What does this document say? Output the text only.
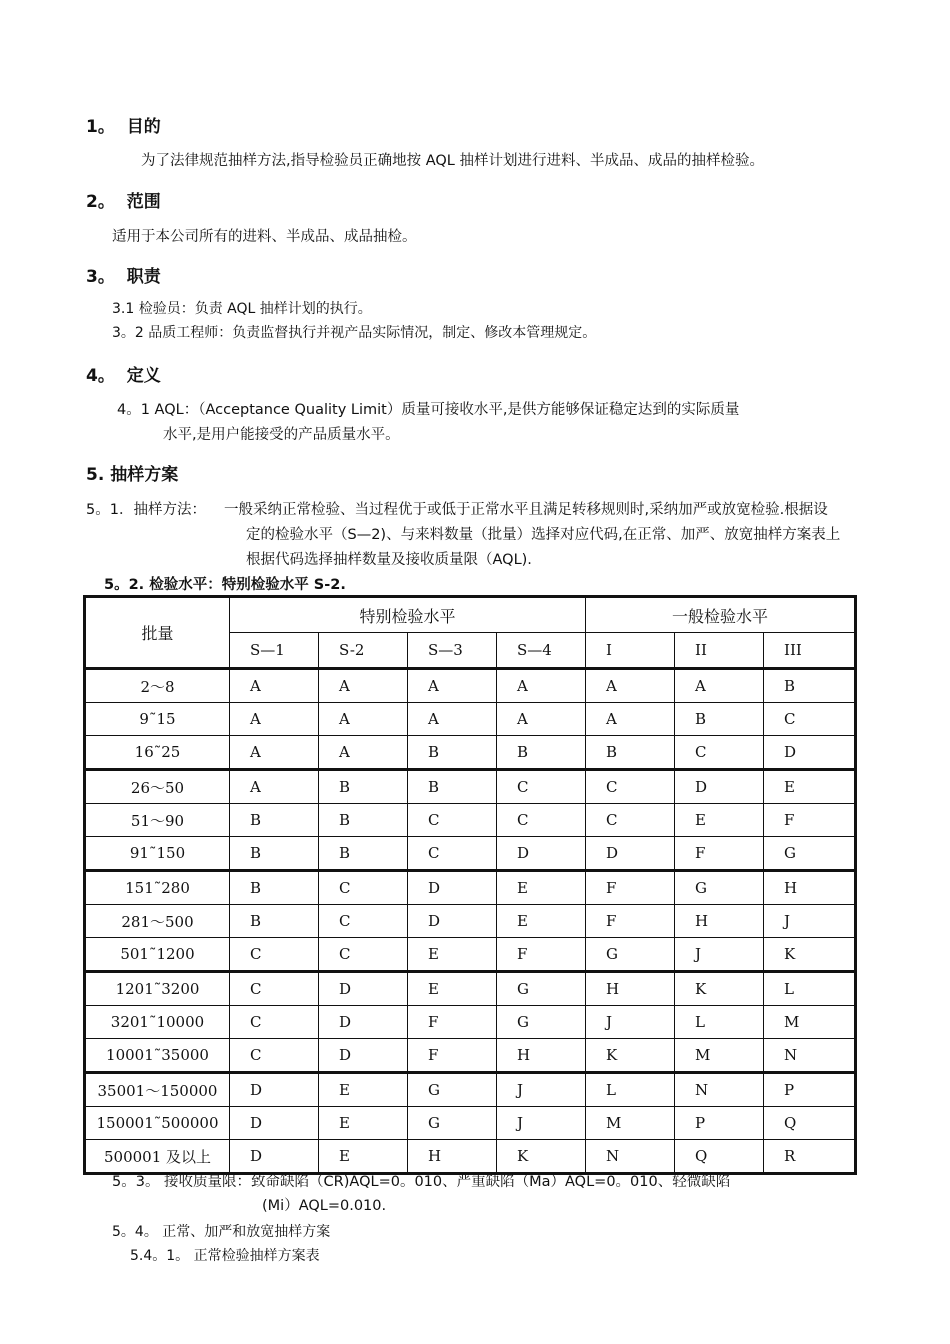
1。 目的
为了法律规范抽样方法,指导检验员正确地按 AQL 抽样计划进行进料、半成品、成品的抽样检验。
2。 范围
适用于本公司所有的进料、半成品、成品抽检。
3。 职责
3.1 检验员：负责 AQL 抽样计划的执行。
3。2 品质工程师：负责监督执行并视产品实际情况，制定、修改本管理规定。
4。 定义
4。1 AQL：（Acceptance Quality Limit）质量可接收水平,是供方能够保证稳定达到的实际质量
水平,是用户能接受的产品质量水平。
5. 抽样方案
5。1．抽样方法： 一般采纳正常检验、当过程优于或低于正常水平且满足转移规则时,采纳加严或放宽检验.根据设
定的检验水平（S—2)、与来料数量（批量）选择对应代码,在正常、加严、放宽抽样方案表上
根据代码选择抽样数量及接收质量限（AQL).
5。2. 检验水平：特别检验水平 S-2.
批量	特别检验水平				一般检验水平		
	S—1	S-2	S—3	S—4	I	II	III
2～8	A	A	A	A	A	A	B
9˜15	A	A	A	A	A	B	C
16˜25	A	A	B	B	B	C	D
26～50	A	B	B	C	C	D	E
51～90	B	B	C	C	C	E	F
91˜150	B	B	C	D	D	F	G
151˜280	B	C	D	E	F	G	H
281～500	B	C	D	E	F	H	J
501˜1200	C	C	E	F	G	J	K
1201˜3200	C	D	E	G	H	K	L
3201˜10000	C	D	F	G	J	L	M
10001˜35000	C	D	F	H	K	M	N
35001～150000	D	E	G	J	L	N	P
150001˜500000	D	E	G	J	M	P	Q
500001 及以上	D	E	H	K	N	Q	R
5。3。 接收质量限：致命缺陷（CR)AQL=0。010、严重缺陷（Ma）AQL=0。010、轻微缺陷
(Mi）AQL=0.010.
5。4。 正常、加严和放宽抽样方案
5.4。1。 正常检验抽样方案表
